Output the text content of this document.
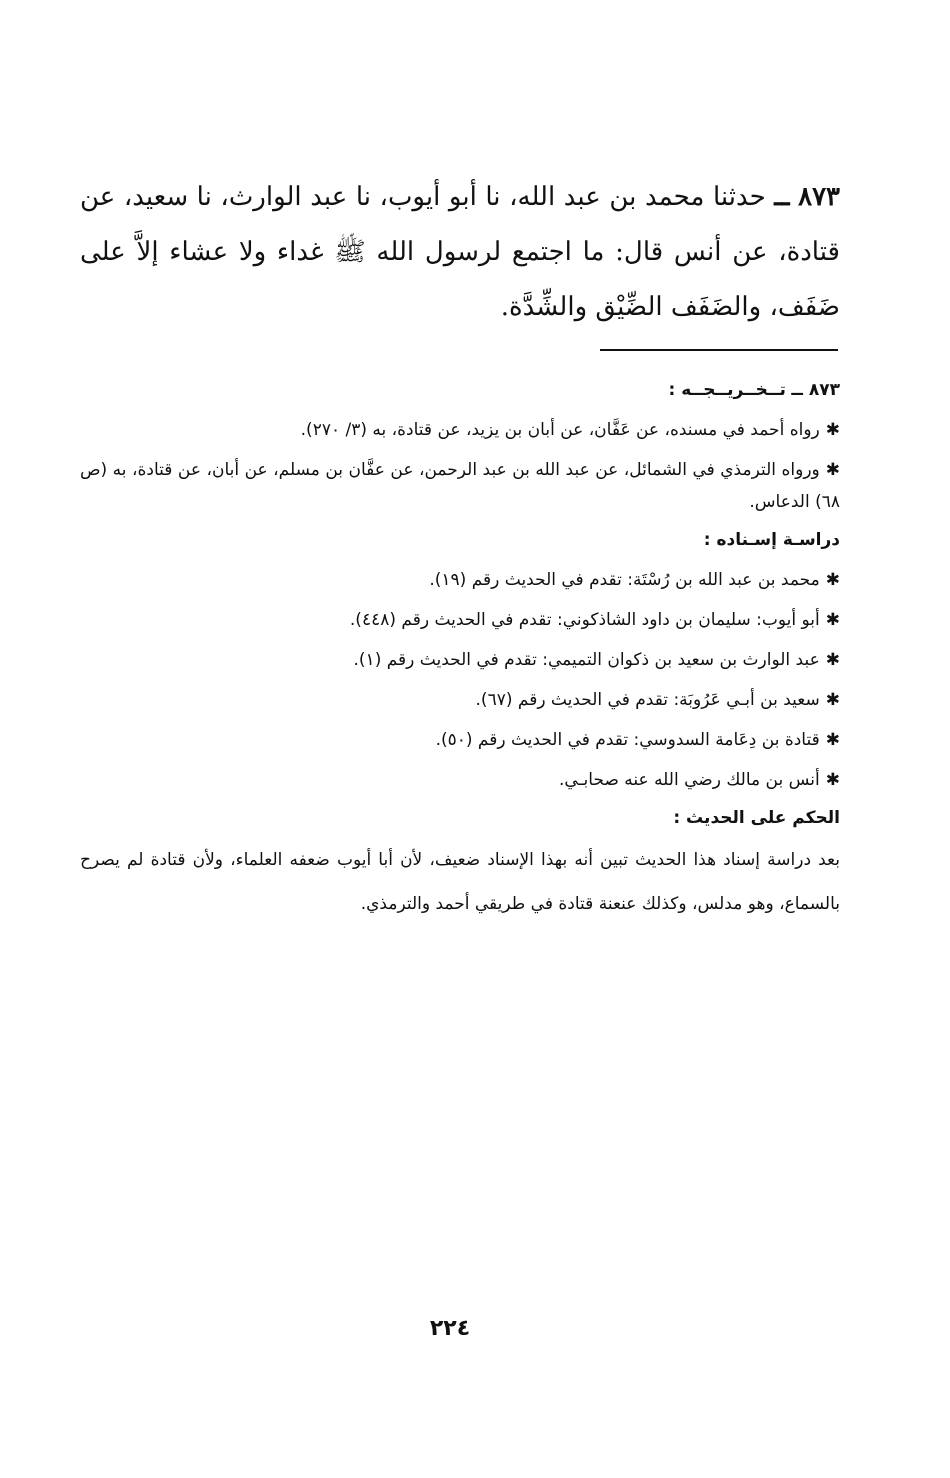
٨٧٣ ــ حدثنا محمد بن عبد الله، نا أبو أيوب، نا عبد الوارث، نا سعيد، عن قتادة، عن أنس قال: ما اجتمع لرسول الله ﷺ غداء ولا عشاء إلاَّ على ضَفَف، والضَفَف الضِّيْق والشِّدَّة.

٨٧٣ ــ تــخــريــجــه :

✱رواه أحمد في مسنده، عن عَفَّان، عن أبان بن يزيد، عن قتادة، به (٣/ ٢٧٠).

✱ورواه الترمذي في الشمائل، عن عبد الله بن عبد الرحمن، عن عفَّان بن مسلم، عن أبان، عن قتادة، به (ص ٦٨) الدعاس.

دراسـة إسـناده :

✱محمد بن عبد الله بن رُسْتَة: تقدم في الحديث رقم (١٩).
✱أبو أيوب: سليمان بن داود الشاذكوني: تقدم في الحديث رقم (٤٤٨).
✱عبد الوارث بن سعيد بن ذكوان التميمي: تقدم في الحديث رقم (١).
✱سعيد بن أبـي عَرُوبَة: تقدم في الحديث رقم (٦٧).
✱قتادة بن دِعَامة السدوسي: تقدم في الحديث رقم (٥٠).
✱أنس بن مالك رضي الله عنه صحابـي.

الحكم على الحديث :

بعد دراسة إسناد هذا الحديث تبين أنه بهذا الإسناد ضعيف، لأن أبا أيوب ضعفه العلماء، ولأن قتادة لم يصرح بالسماع، وهو مدلس، وكذلك عنعنة قتادة في طريقي أحمد والترمذي.

٢٢٤
